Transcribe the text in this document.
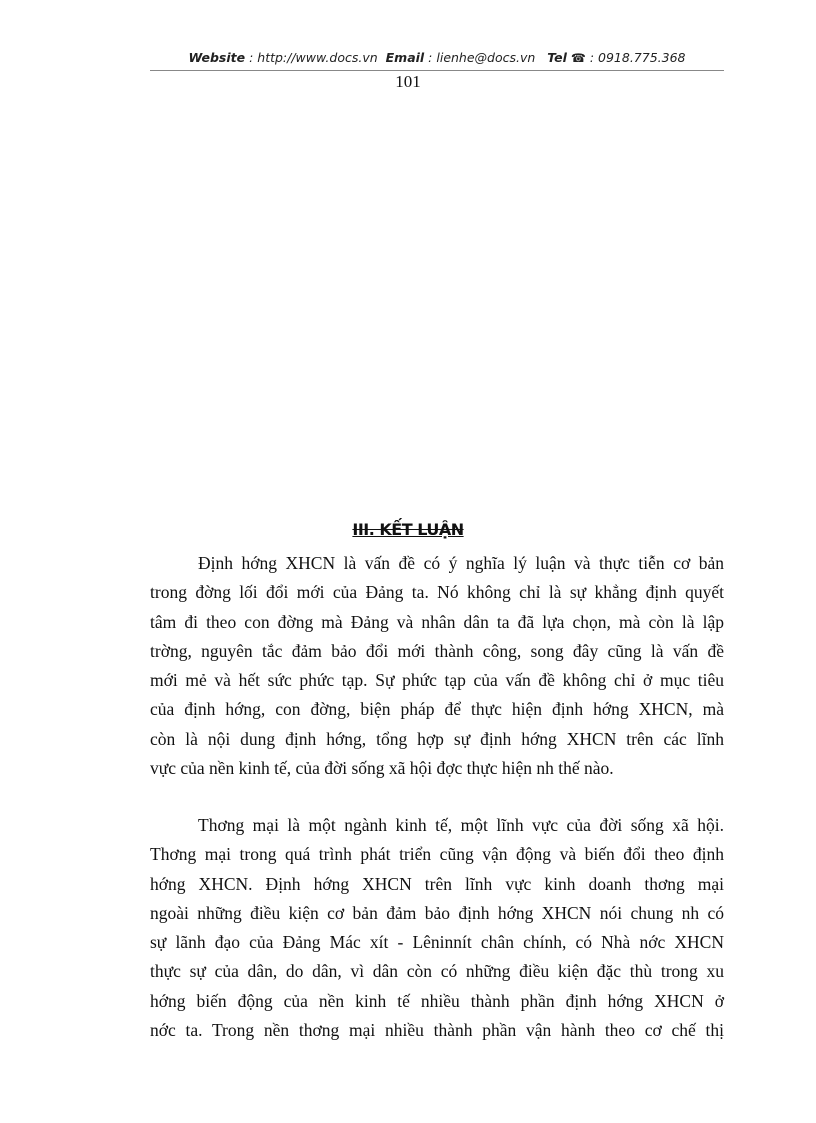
Website : http://www.docs.vn Email : lienhe@docs.vn Tel ☎ : 0918.775.368
101
III. KẾT LUẬN
Định hớng XHCN là vấn đề có ý nghĩa lý luận và thực tiễn cơ bản
trong đờng lối đổi mới của Đảng ta. Nó không chỉ là sự khẳng định quyết
tâm đi theo con đờng mà Đảng và nhân dân ta đã lựa chọn, mà còn là lập
trờng, nguyên tắc đảm bảo đổi mới thành công, song đây cũng là vấn đề
mới mẻ và hết sức phức tạp. Sự phức tạp của vấn đề không chỉ ở mục tiêu
của định hớng, con đờng, biện pháp để thực hiện định hớng XHCN, mà
còn là nội dung định hớng, tổng hợp sự định hớng XHCN trên các lĩnh
vực của nền kinh tế, của đời sống xã hội đợc thực hiện nh thế nào.
Thơng mại là một ngành kinh tế, một lĩnh vực của đời sống xã hội.
Thơng mại trong quá trình phát triển cũng vận động và biến đổi theo định
hớng XHCN. Định hớng XHCN trên lĩnh vực kinh doanh thơng mại
ngoài những điều kiện cơ bản đảm bảo định hớng XHCN nói chung nh có
sự lãnh đạo của Đảng Mác xít - Lêninnít chân chính, có Nhà nớc XHCN
thực sự của dân, do dân, vì dân còn có những điều kiện đặc thù trong xu
hớng biến động của nền kinh tế nhiều thành phần định hớng XHCN ở
nớc ta. Trong nền thơng mại nhiều thành phần vận hành theo cơ chế thị
